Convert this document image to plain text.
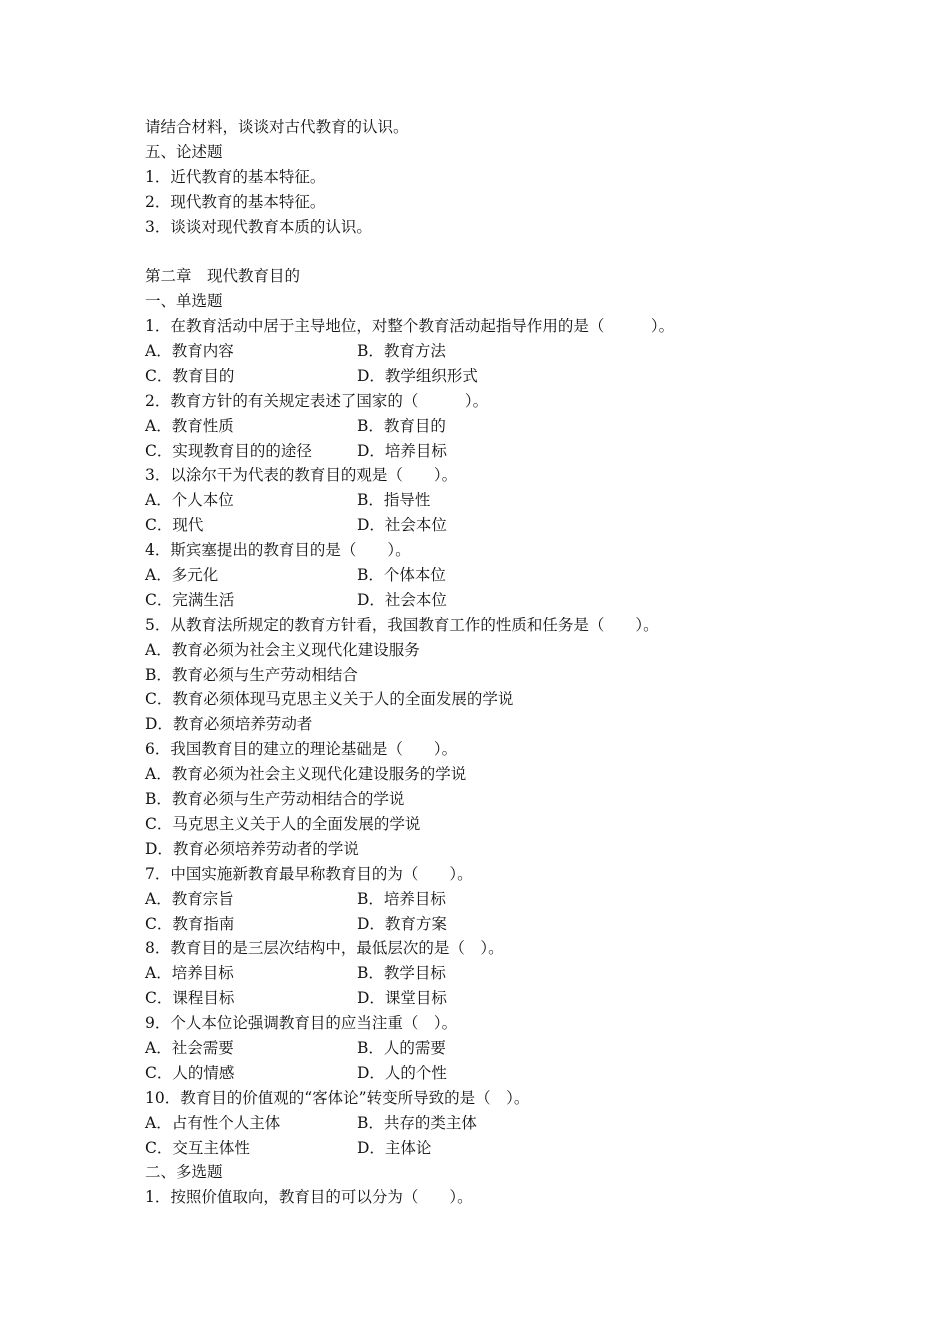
请结合材料，谈谈对古代教育的认识。
五、论述题
1．近代教育的基本特征。
2．现代教育的基本特征。
3．谈谈对现代教育本质的认识。
第二章　现代教育目的
一、单选题
1．在教育活动中居于主导地位，对整个教育活动起指导作用的是（　　　）。
A．教育内容	B．教育方法
C．教育目的	D．教学组织形式
2．教育方针的有关规定表述了国家的（　　　）。
A．教育性质	B．教育目的
C．实现教育目的的途径	D．培养目标
3．以涂尔干为代表的教育目的观是（　　）。
A．个人本位	B．指导性
C．现代	D．社会本位
4．斯宾塞提出的教育目的是（　　）。
A．多元化	B．个体本位
C．完满生活	D．社会本位
5．从教育法所规定的教育方针看，我国教育工作的性质和任务是（　　）。
A．教育必须为社会主义现代化建设服务
B．教育必须与生产劳动相结合
C．教育必须体现马克思主义关于人的全面发展的学说
D．教育必须培养劳动者
6．我国教育目的建立的理论基础是（　　）。
A．教育必须为社会主义现代化建设服务的学说
B．教育必须与生产劳动相结合的学说
C．马克思主义关于人的全面发展的学说
D．教育必须培养劳动者的学说
7．中国实施新教育最早称教育目的为（　　）。
A．教育宗旨	B．培养目标
C．教育指南	D．教育方案
8．教育目的是三层次结构中，最低层次的是（　）。
A．培养目标	B．教学目标
C．课程目标	D．课堂目标
9．个人本位论强调教育目的应当注重（　）。
A．社会需要	B．人的需要
C．人的情感	D．人的个性
10．教育目的价值观的“客体论”转变所导致的是（　）。
A．占有性个人主体	B．共存的类主体
C．交互主体性	D．主体论
二、多选题
1．按照价值取向，教育目的可以分为（　　）。
